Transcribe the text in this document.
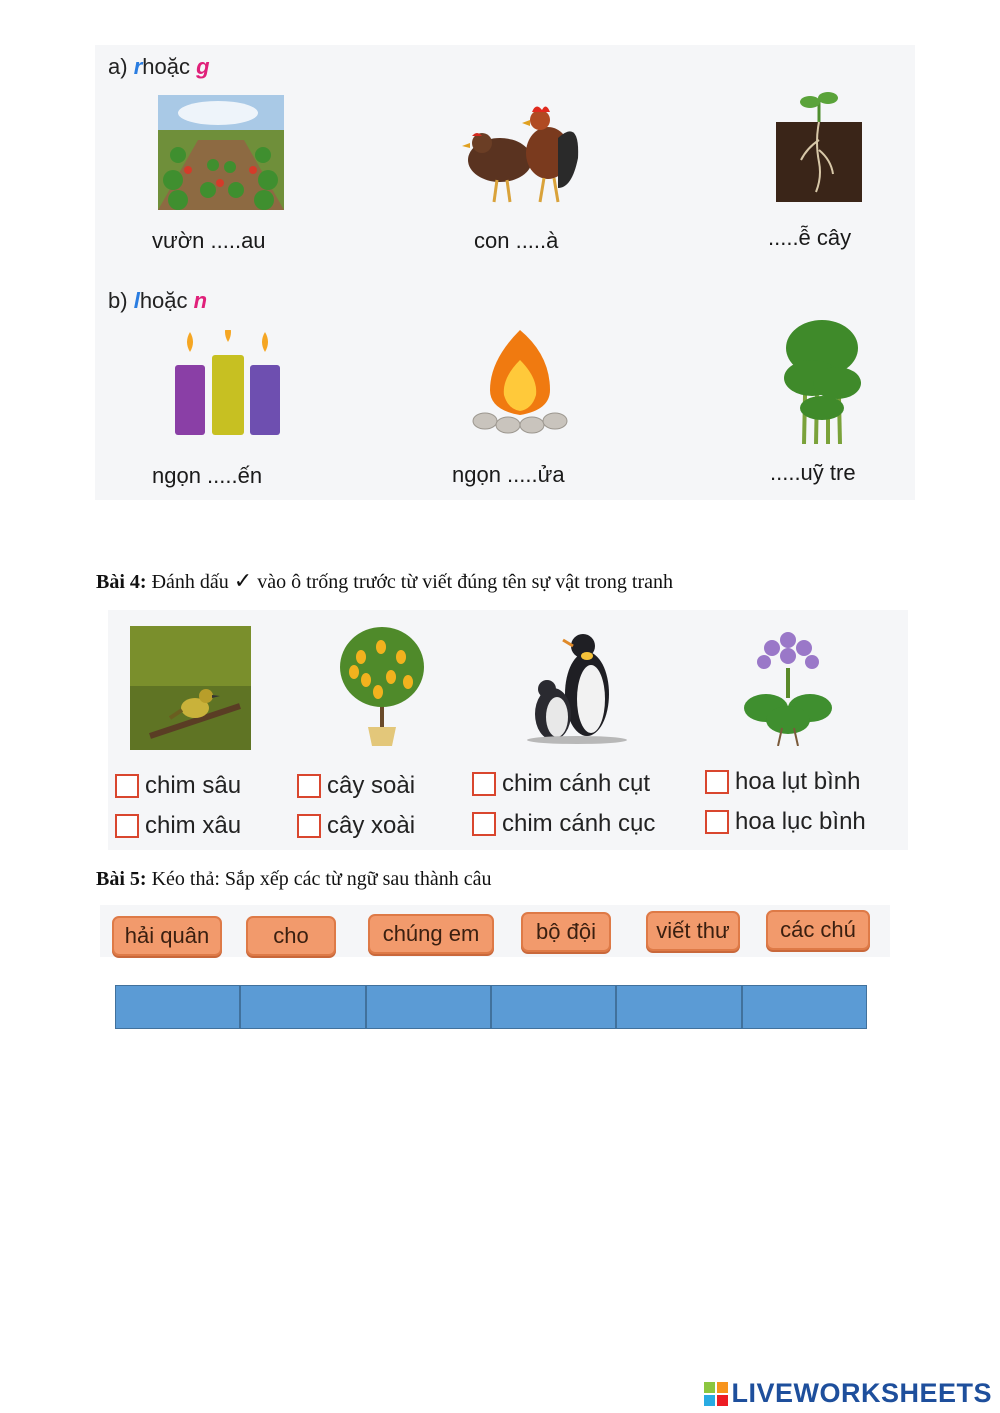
a) rhoặc g
vườn .....au	con .....à	.....ễ cây
b) lhoặc n
ngọn .....ến	ngọn .....ửa	.....uỹ tre
Bài 4: Đánh dấu ✓ vào ô trống trước từ viết đúng tên sự vật trong tranh
chim sâu
chim xâu
cây soài
cây xoài
chim cánh cụt
chim cánh cục
hoa lụt bình
hoa lục bình
Bài 5: Kéo thả: Sắp xếp các từ ngữ sau thành câu
hải quân	cho	chúng em	bộ đội	viết thư	các chú
LIVEWORKSHEETS
